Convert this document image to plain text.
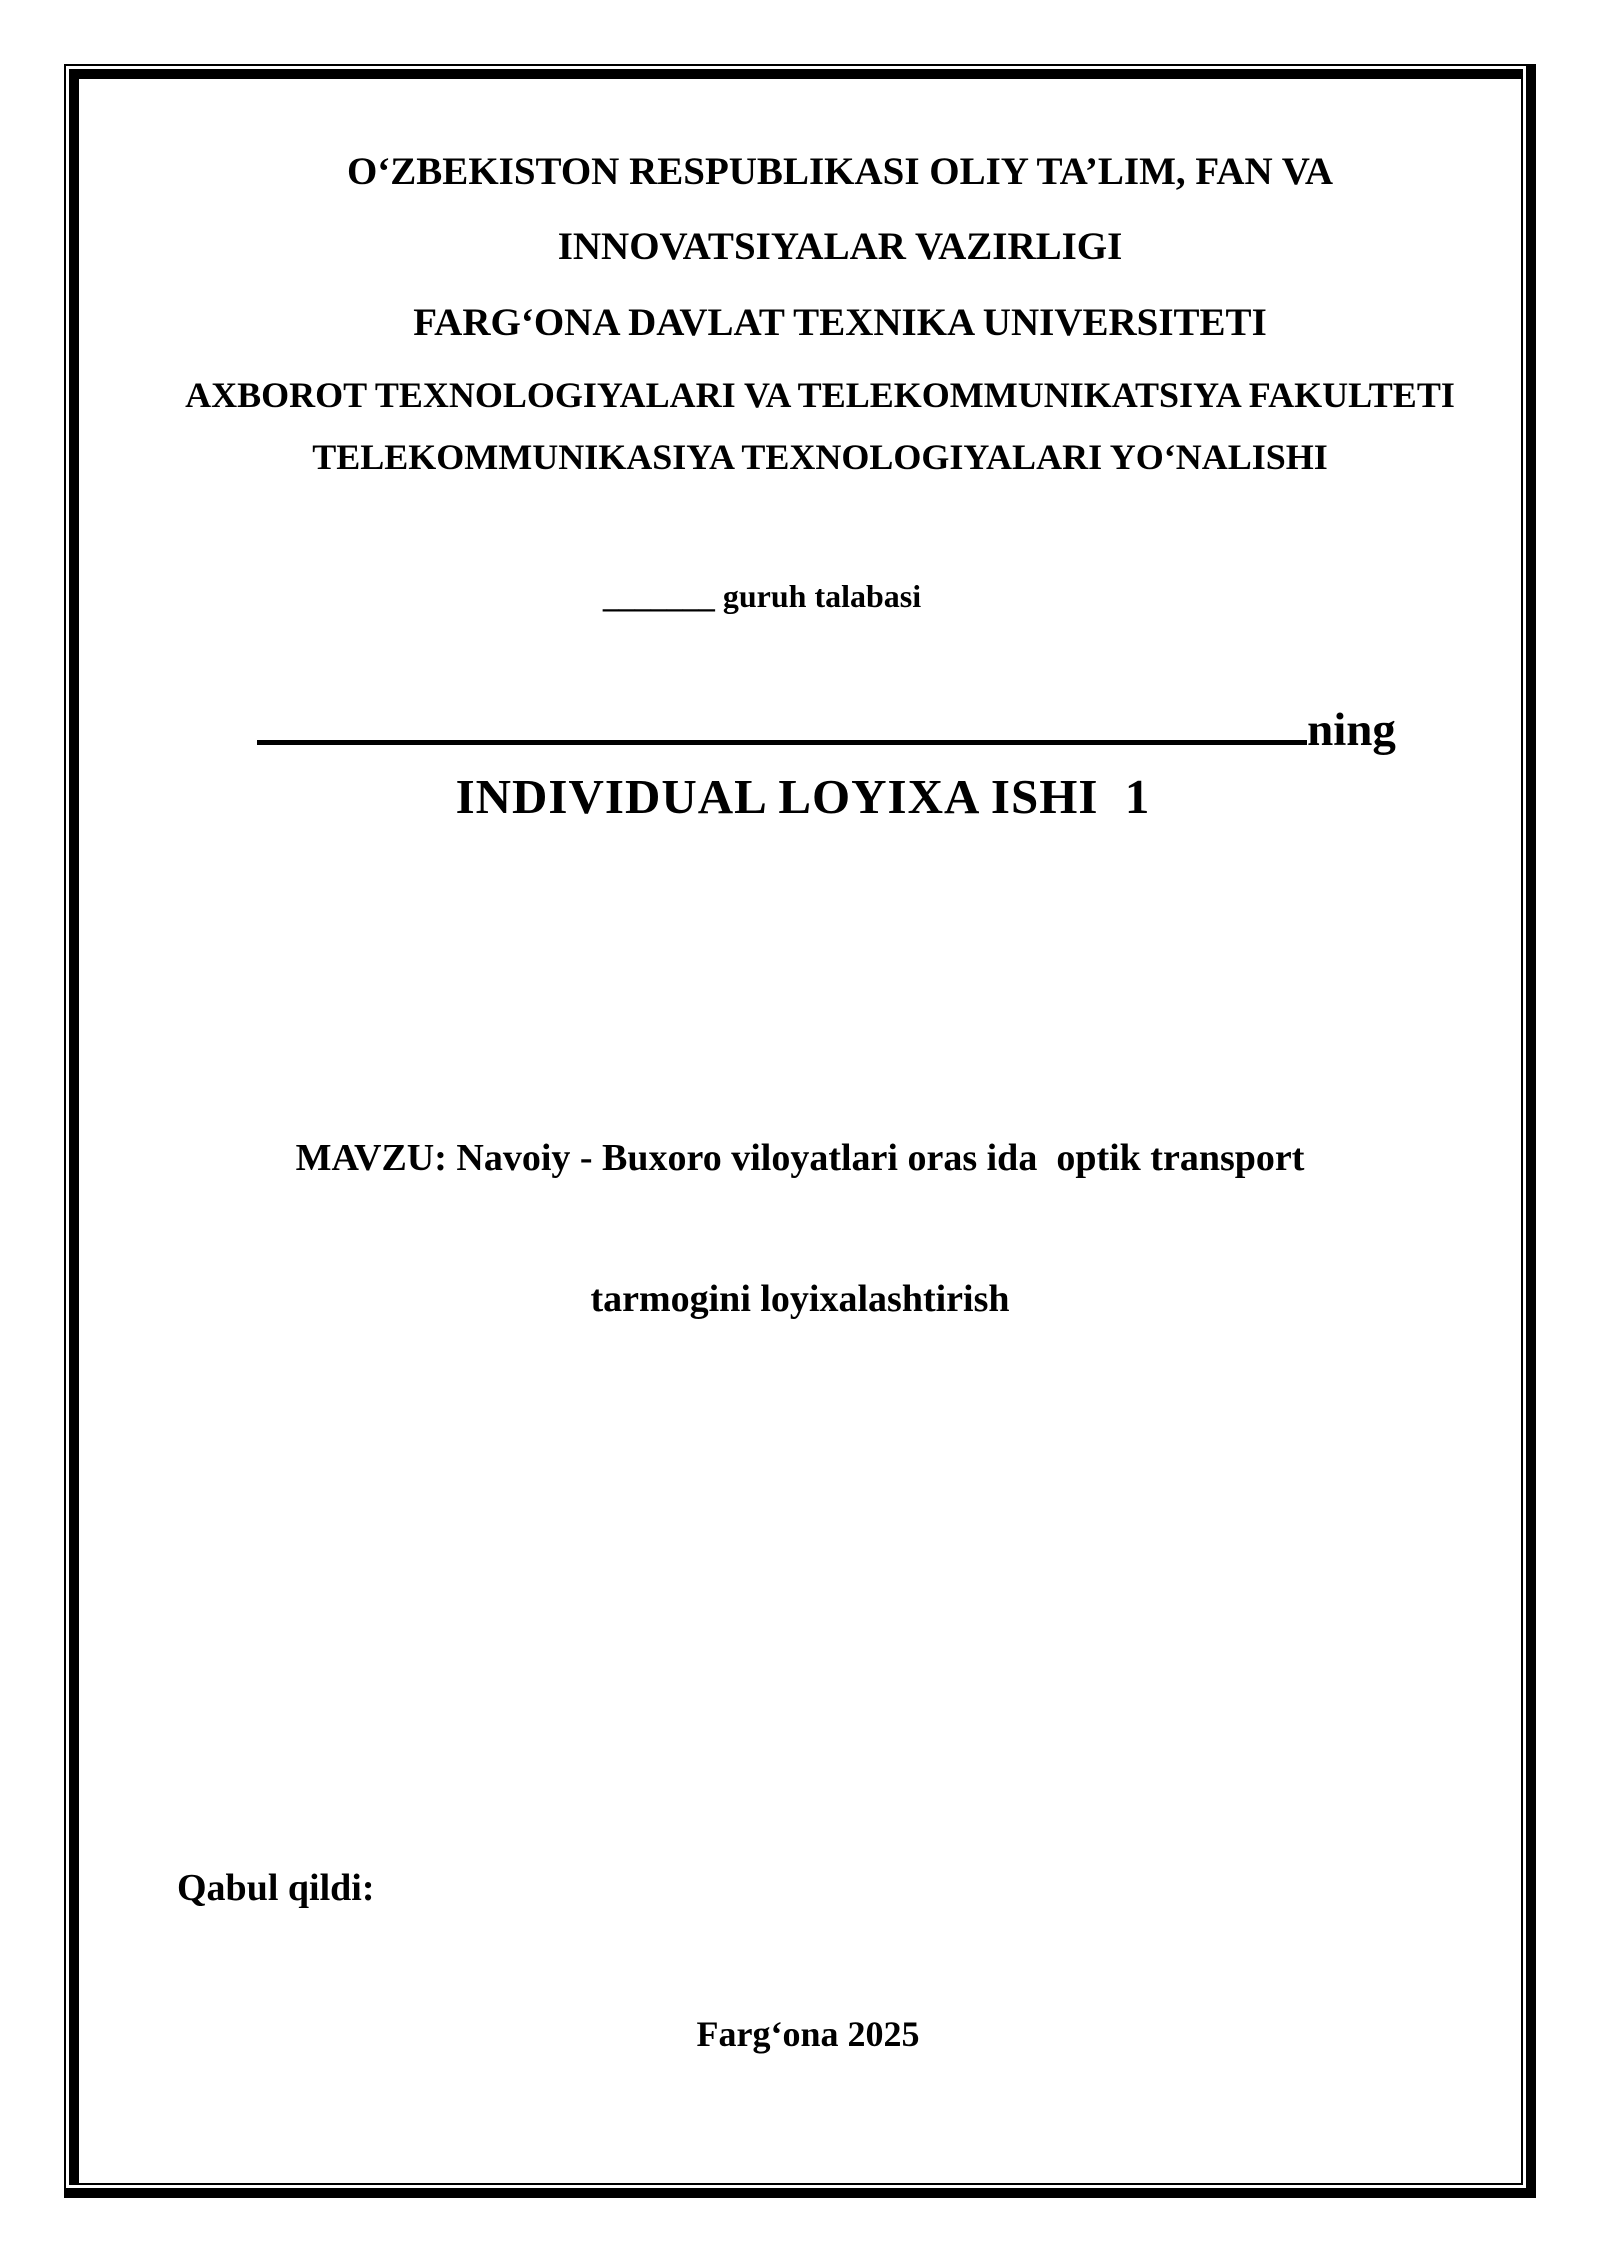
O‘ZBEKISTON RESPUBLIKASI OLIY TA’LIM, FAN VA
INNOVATSIYALAR VAZIRLIGI
FARG‘ONA DAVLAT TEXNIKA UNIVERSITETI
AXBOROT TEXNOLOGIYALARI VA TELEKOMMUNIKATSIYA FAKULTETI
TELEKOMMUNIKASIYA TEXNOLOGIYALARI YO‘NALISHI
_______ guruh talabasi

ning

INDIVIDUAL LOYIXA ISHI  1

MAVZU: Navoiy - Buxoro viloyatlari oras ida  optik transport

tarmogini loyixalashtirish

Qabul qildi:
Farg‘ona 2025
